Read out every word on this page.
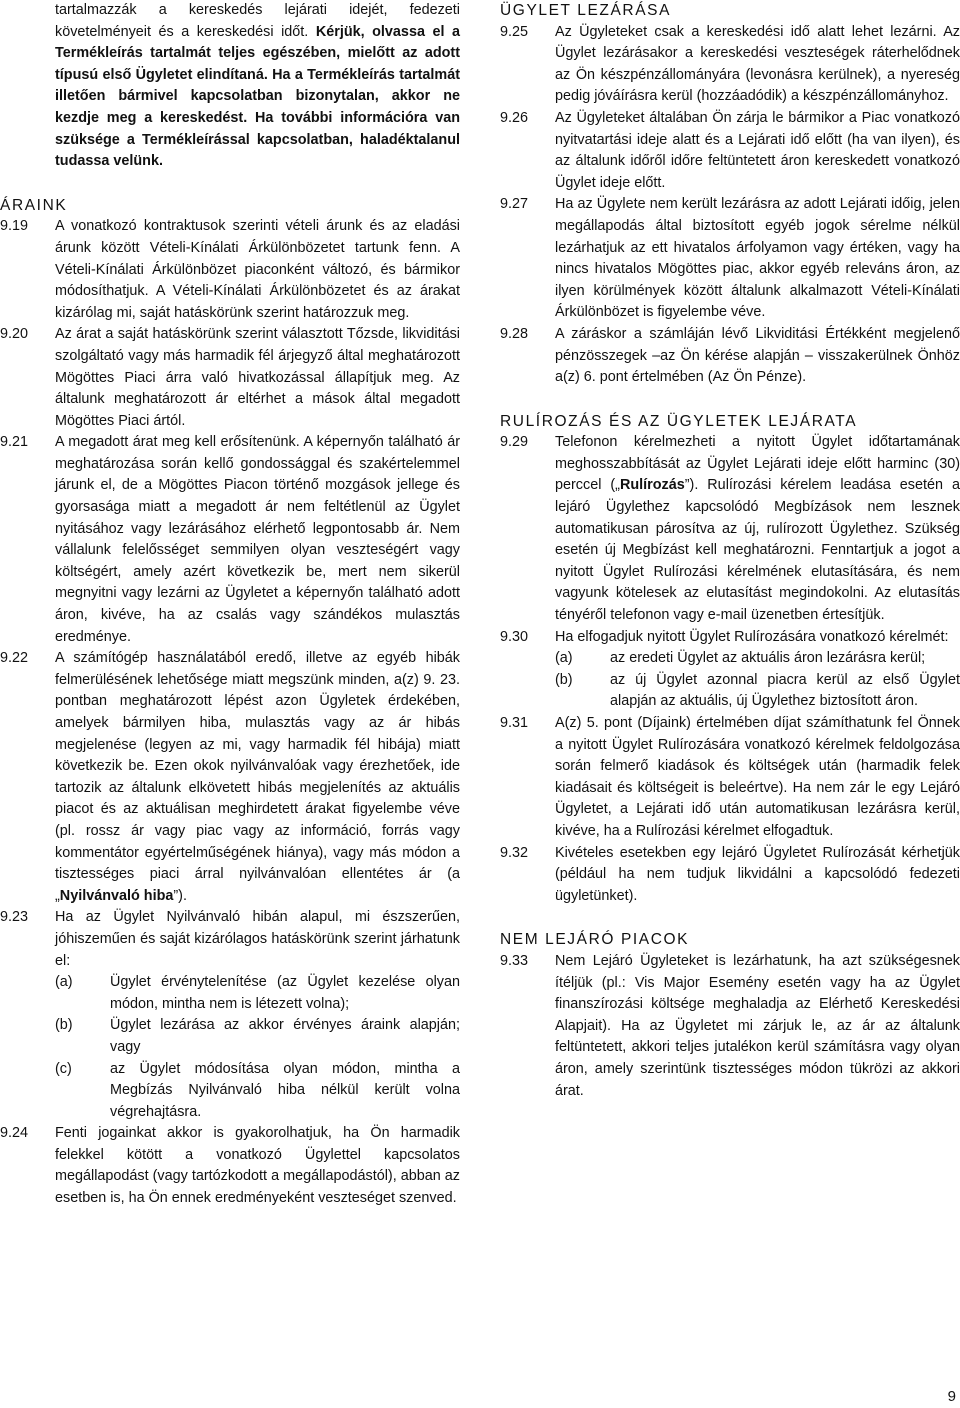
tartalmazzák a kereskedés lejárati idejét, fedezeti követelményeit és a kereskedési időt. Kérjük, olvassa el a Termékleírás tartalmát teljes egészében, mielőtt az adott típusú első Ügyletet elindítaná. Ha a Termékleírás tartalmát illetően bármivel kapcsolatban bizonytalan, akkor ne kezdje meg a kereskedést. Ha további információra van szüksége a Termékleírással kapcsolatban, haladéktalanul tudassa velünk.

ÁRAINK
9.19 A vonatkozó kontraktusok szerinti vételi árunk és az eladási árunk között Vételi-Kínálati Árkülönbözetet tartunk fenn. A Vételi-Kínálati Árkülönbözet piaconként változó, és bármikor módosíthatjuk. A Vételi-Kínálati Árkülönbözetet és az árakat kizárólag mi, saját hatáskörünk szerint határozzuk meg.

9.20 Az árat a saját hatáskörünk szerint választott Tőzsde, likviditási szolgáltató vagy más harmadik fél árjegyző által meghatározott Mögöttes Piaci árra való hivatkozással állapítjuk meg. Az általunk meghatározott ár eltérhet a mások által megadott Mögöttes Piaci ártól.

9.21 A megadott árat meg kell erősítenünk. A képernyőn található ár meghatározása során kellő gondossággal és szakértelemmel járunk el, de a Mögöttes Piacon történő mozgások jellege és gyorsasága miatt a megadott ár nem feltétlenül az Ügylet nyitásához vagy lezárásához elérhető legpontosabb ár. Nem vállalunk felelősséget semmilyen olyan veszteségért vagy költségért, amely azért következik be, mert nem sikerül megnyitni vagy lezárni az Ügyletet a képernyőn található adott áron, kivéve, ha az csalás vagy szándékos mulasztás eredménye.

9.22 A számítógép használatából eredő, illetve az egyéb hibák felmerülésének lehetősége miatt megszünk minden, a(z) 9. 23. pontban meghatározott lépést azon Ügyletek érdekében, amelyek bármilyen hiba, mulasztás vagy az ár hibás megjelenése (legyen az mi, vagy harmadik fél hibája) miatt következik be. Ezen okok nyilvánvalóak vagy érezhetőek, ide tartozik az általunk elkövetett hibás megjelenítés az aktuális piacot és az aktuálisan meghirdetett árakat figyelembe véve (pl. rossz ár vagy piac vagy az információ, forrás vagy kommentátor egyértelműségének hiánya), vagy más módon a tisztességes piaci árral nyilvánvalóan ellentétes ár (a „Nyilvánvaló hiba”).

9.23 Ha az Ügylet Nyilvánvaló hibán alapul, mi észszerűen, jóhiszeműen és saját kizárólagos hatáskörünk szerint járhatunk el:

(a)	Ügylet érvénytelenítése (az Ügylet kezelése olyan módon, mintha nem is létezett volna);

(b)	Ügylet lezárása az akkor érvényes áraink alapján; vagy

(c)	az Ügylet módosítása olyan módon, mintha a Megbízás Nyilvánvaló hiba nélkül került volna végrehajtásra.

9.24 Fenti jogainkat akkor is gyakorolhatjuk, ha Ön harmadik felekkel kötött a vonatkozó Ügylettel kapcsolatos megállapodást (vagy tartózkodott a megállapodástól), abban az esetben is, ha Ön ennek eredményeként veszteséget szenved.

ÜGYLET LEZÁRÁSA
9.25 Az Ügyleteket csak a kereskedési idő alatt lehet lezárni. Az Ügylet lezárásakor a kereskedési veszteségek ráterhelődnek az Ön készpénzállományára (levonásra kerülnek), a nyereség pedig jóváírásra kerül (hozzáadódik) a készpénzállományhoz.

9.26 Az Ügyleteket általában Ön zárja le bármikor a Piac vonatkozó nyitvatartási ideje alatt és a Lejárati idő előtt (ha van ilyen), és az általunk időről időre feltüntetett áron kereskedett vonatkozó Ügylet ideje előtt.

9.27 Ha az Ügylete nem került lezárásra az adott Lejárati időig, jelen megállapodás által biztosított egyéb jogok sérelme nélkül lezárhatjuk az ett hivatalos árfolyamon vagy értéken, vagy ha nincs hivatalos Mögöttes piac, akkor egyéb releváns áron, az ilyen körülmények között általunk alkalmazott Vételi-Kínálati Árkülönbözet is figyelembe véve.

9.28 A záráskor a számláján lévő Likviditási Értékként megjelenő pénzösszegek –az Ön kérése alapján – visszakerülnek Önhöz a(z) 6. pont értelmében (Az Ön Pénze).

RULÍROZÁS ÉS AZ ÜGYLETEK LEJÁRATA
9.29 Telefonon kérelmezheti a nyitott Ügylet időtartamának meghosszabbítását az Ügylet Lejárati ideje előtt harminc (30) perccel („Rulírozás”). Rulírozási kérelem leadása esetén a lejáró Ügylethez kapcsolódó Megbízások nem lesznek automatikusan párosítva az új, rulírozott Ügylethez. Szükség esetén új Megbízást kell meghatározni. Fenntartjuk a jogot a nyitott Ügylet Rulírozási kérelmének elutasítására, és nem vagyunk kötelesek az elutasítást megindokolni. Az elutasítás tényéről telefonon vagy e-mail üzenetben értesítjük.

9.30 Ha elfogadjuk nyitott Ügylet Rulírozására vonatkozó kérelmét:

(a)	az eredeti Ügylet az aktuális áron lezárásra kerül;

(b)	az új Ügylet azonnal piacra kerül az első Ügylet alapján az aktuális, új Ügylethez biztosított áron.

9.31 A(z) 5. pont (Díjaink) értelmében díjat számíthatunk fel Önnek a nyitott Ügylet Rulírozására vonatkozó kérelmek feldolgozása során felmerő kiadások és költségek után (harmadik felek kiadásait és költségeit is beleértve). Ha nem zár le egy Lejáró Ügyletet, a Lejárati idő után automatikusan lezárásra kerül, kivéve, ha a Rulírozási kérelmet elfogadtuk.

9.32 Kivételes esetekben egy lejáró Ügyletet Rulírozását kérhetjük (például ha nem tudjuk likvidálni a kapcsolódó fedezeti ügyletünket).

NEM LEJÁRÓ PIACOK
9.33 Nem Lejáró Ügyleteket is lezárhatunk, ha azt szükségesnek ítéljük (pl.: Vis Major Esemény esetén vagy ha az Ügylet finanszírozási költsége meghaladja az Elérhető Kereskedési Alapjait). Ha az Ügyletet mi zárjuk le, az ár az általunk feltüntetett, akkori teljes jutalékon kerül számításra vagy olyan áron, amely szerintünk tisztességes módon tükrözi az akkori árat.

9
